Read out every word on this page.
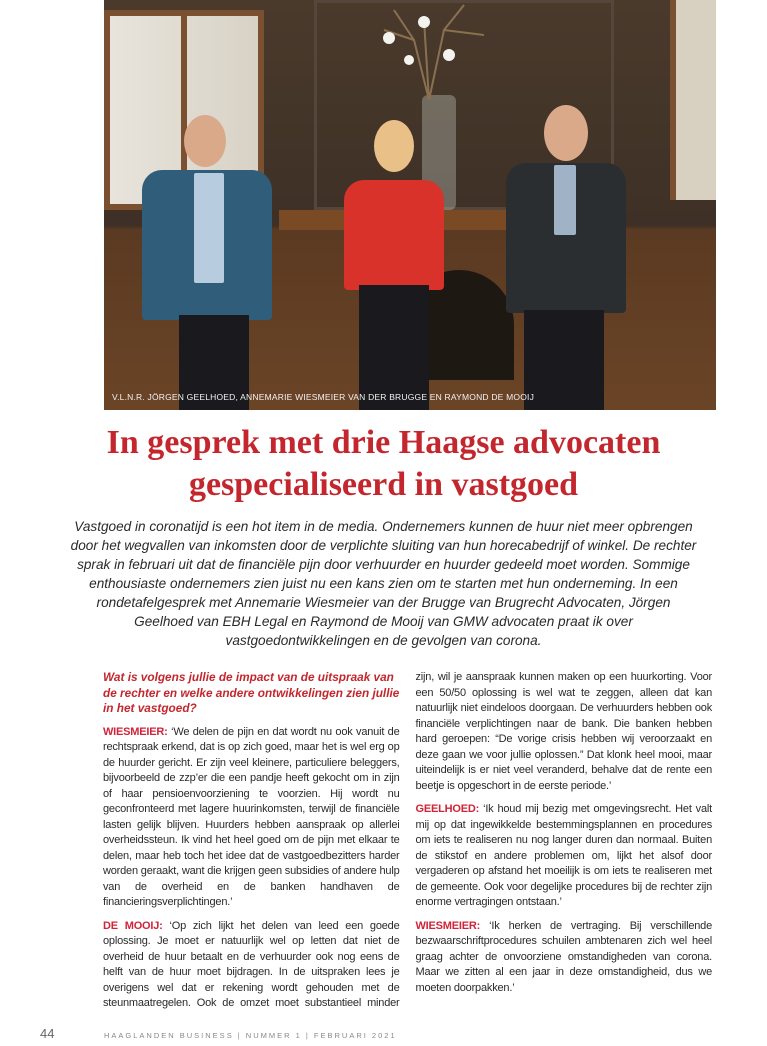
V.L.N.R. JÖRGEN GEELHOED, ANNEMARIE WIESMEIER VAN DER BRUGGE EN RAYMOND DE MOOIJ
In gesprek met drie Haagse advocaten
gespecialiseerd in vastgoed

Vastgoed in coronatijd is een hot item in de media. Ondernemers kunnen de huur niet meer opbrengen door het wegvallen van inkomsten door de verplichte sluiting van hun horecabedrijf of winkel. De rechter sprak in februari uit dat de financiële pijn door verhuurder en huurder gedeeld moet worden. Sommige enthousiaste ondernemers zien juist nu een kans zien om te starten met hun onderneming. In een rondetafelgesprek met Annemarie Wiesmeier van der Brugge van Brugrecht Advocaten, Jörgen Geelhoed van EBH Legal en Raymond de Mooij van GMW advocaten praat ik over vastgoedontwikkelingen en de gevolgen van corona.

Wat is volgens jullie de impact van de uitspraak van de rechter en welke andere ontwikkelingen zien jullie in het vastgoed?

WIESMEIER: ‘We delen de pijn en dat wordt nu ook vanuit de rechtspraak erkend, dat is op zich goed, maar het is wel erg op de huurder gericht. Er zijn veel kleinere, particuliere beleggers, bijvoorbeeld de zzp’er die een pandje heeft gekocht om in zijn of haar pensioenvoorziening te voorzien. Hij wordt nu geconfronteerd met lagere huurinkomsten, terwijl de financiële lasten gelijk blijven. Huurders hebben aanspraak op allerlei overheidssteun. Ik vind het heel goed om de pijn met elkaar te delen, maar heb toch het idee dat de vastgoedbezitters harder worden geraakt, want die krijgen geen subsidies of andere hulp van de overheid en de banken handhaven de financieringsverplichtingen.’

DE MOOIJ: ‘Op zich lijkt het delen van leed een goede oplossing. Je moet er natuurlijk wel op letten dat niet de overheid de huur betaalt en de verhuurder ook nog eens de helft van de huur moet bijdragen. In de uitspraken lees je overigens wel dat er rekening wordt gehouden met de steunmaatregelen. Ook de omzet moet substantieel minder zijn, wil je aanspraak kunnen maken op een huurkorting. Voor een 50/50 oplossing is wel wat te zeggen, alleen dat kan natuurlijk niet eindeloos doorgaan. De verhuurders hebben ook financiële verplichtingen naar de bank. Die banken hebben hard geroepen: “De vorige crisis hebben wij veroorzaakt en deze gaan we voor jullie oplossen.” Dat klonk heel mooi, maar uiteindelijk is er niet veel veranderd, behalve dat de rente een beetje is opgeschort in de eerste periode.’

GEELHOED: ‘Ik houd mij bezig met omgevingsrecht. Het valt mij op dat ingewikkelde bestemmingsplannen en procedures om iets te realiseren nu nog langer duren dan normaal. Buiten de stikstof en andere problemen om, lijkt het alsof door vergaderen op afstand het moeilijk is om iets te realiseren met de gemeente. Ook voor degelijke procedures bij de rechter zijn enorme vertragingen ontstaan.’

WIESMEIER: ‘Ik herken de vertraging. Bij verschillende bezwaarschriftprocedures schuilen ambtenaren zich wel heel graag achter de onvoorziene omstandigheden van corona. Maar we zitten al een jaar in deze omstandigheid, dus we moeten doorpakken.’

44	HAAGLANDEN BUSINESS | NUMMER 1 | FEBRUARI 2021
